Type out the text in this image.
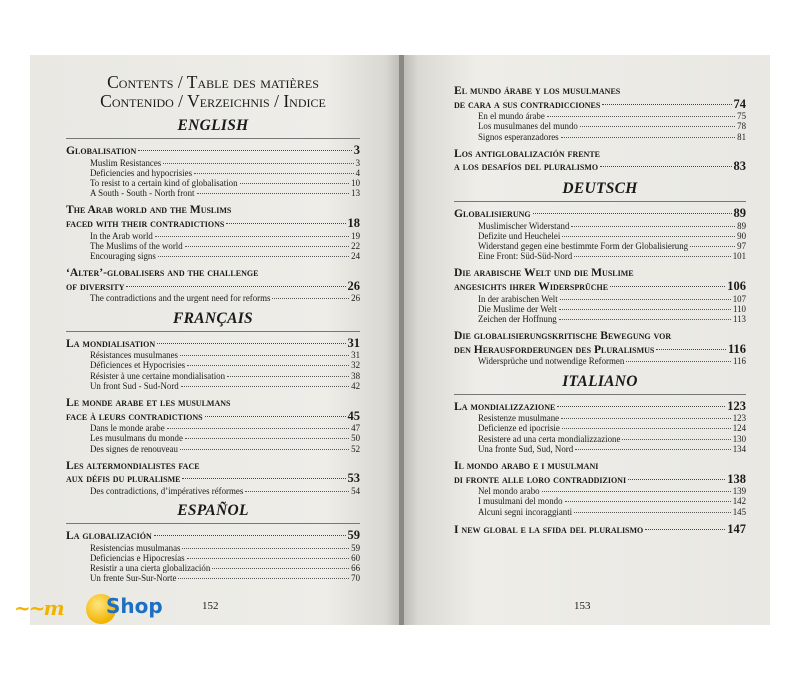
Contents / Table des matières
Contenido / Verzeichnis / Indice
ENGLISH
Globalisation	3
Muslim Resistances	3
Deficiencies and hypocrisies	4
To resist to a certain kind of globalisation	10
A South - South - North front	13
The Arab world and the Muslims
faced with their contradictions	18
In the Arab world	19
The Muslims of the world	22
Encouraging signs	24
‘Alter’-globalisers and the challenge
of diversity	26
The contradictions and the urgent need for reforms	26
FRANÇAIS
La mondialisation	31
Résistances musulmanes	31
Déficiences et Hypocrisies	32
Résister à une certaine mondialisation	38
Un front Sud - Sud-Nord	42
Le monde arabe et les musulmans
face à leurs contradictions	45
Dans le monde arabe	47
Les musulmans du monde	50
Des signes de renouveau	52
Les altermondialistes face
aux défis du pluralisme	53
Des contradictions, d’impératives réformes	54
ESPAÑOL
La globalización	59
Resistencias musulmanas	59
Deficiencias e Hipocresías	60
Resistir a una cierta globalización	66
Un frente Sur-Sur-Norte	70
152
El mundo árabe y los musulmanes
de cara a sus contradicciones	74
En el mundo árabe	75
Los musulmanes del mundo	78
Signos esperanzadores	81
Los antiglobalización frente
a los desafíos del pluralismo	83
DEUTSCH
Globalisierung	89
Muslimischer Widerstand	89
Defizite und Heuchelei	90
Widerstand gegen eine bestimmte Form der Globalisierung	97
Eine Front: Süd-Süd-Nord	101
Die arabische Welt und die Muslime
angesichts ihrer Widersprüche	106
In der arabischen Welt	107
Die Muslime der Welt	110
Zeichen der Hoffnung	113
Die globalisierungskritische Bewegung vor
den Herausforderungen des Pluralismus	116
Widersprüche und notwendige Reformen	116
ITALIANO
La mondializzazione	123
Resistenze musulmane	123
Deficienze ed ipocrisie	124
Resistere ad una certa mondializzazione	130
Una fronte Sud, Sud, Nord	134
Il mondo arabo e i musulmani
di fronte alle loro contraddizioni	138
Nel mondo arabo	139
I musulmani del mondo	142
Alcuni segni incoraggianti	145
I new global e la sfida del pluralismo	147
153
~~m Shop
